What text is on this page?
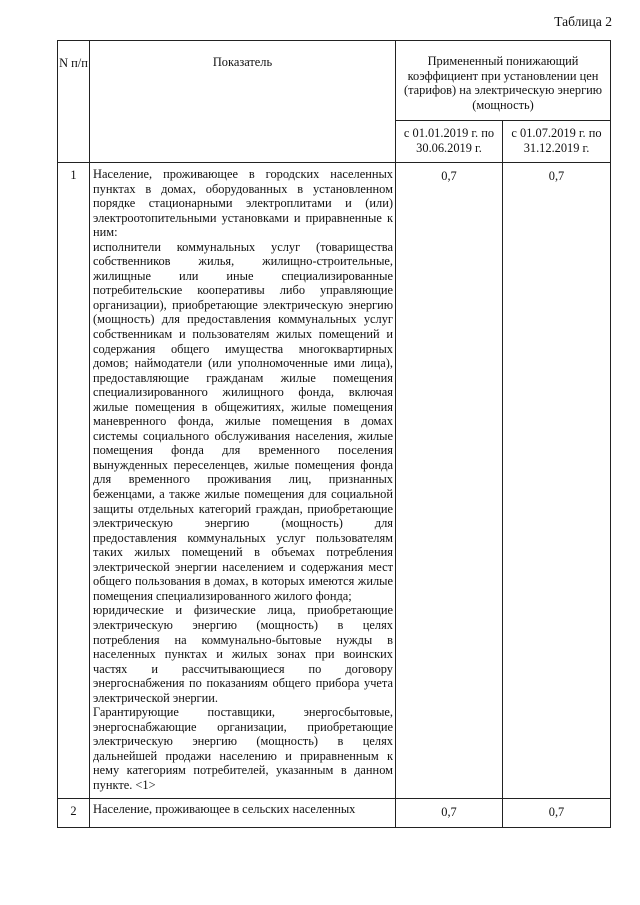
Таблица 2
N п/п	Показатель	Примененный понижающий коэффициент при установлении цен (тарифов) на электрическую энергию (мощность)	
		с 01.01.2019 г. по 30.06.2019 г.	с 01.07.2019 г. по 31.12.2019 г.
1	Население, проживающее в городских населенных пунктах в домах, оборудованных в установленном порядке стационарными электроплитами и (или) электроотопительными установками и приравненные к ним:

исполнители коммунальных услуг (товарищества собственников жилья, жилищно-строительные, жилищные или иные специализированные потребительские кооперативы либо управляющие организации), приобретающие электрическую энергию (мощность) для предоставления коммунальных услуг собственникам и пользователям жилых помещений и содержания общего имущества многоквартирных домов; наймодатели (или уполномоченные ими лица), предоставляющие гражданам жилые помещения специализированного жилищного фонда, включая жилые помещения в общежитиях, жилые помещения маневренного фонда, жилые помещения в домах системы социального обслуживания населения, жилые помещения фонда для временного поселения вынужденных переселенцев, жилые помещения фонда для временного проживания лиц, признанных беженцами, а также жилые помещения для социальной защиты отдельных категорий граждан, приобретающие электрическую энергию (мощность) для предоставления коммунальных услуг пользователям таких жилых помещений в объемах потребления электрической энергии населением и содержания мест общего пользования в домах, в которых имеются жилые помещения специализированного жилого фонда;

юридические и физические лица, приобретающие электрическую энергию (мощность) в целях потребления на коммунально-бытовые нужды в населенных пунктах и жилых зонах при воинских частях и рассчитывающиеся по договору энергоснабжения по показаниям общего прибора учета электрической энергии.

Гарантирующие поставщики, энергосбытовые, энергоснабжающие организации, приобретающие электрическую энергию (мощность) в целях дальнейшей продажи населению и приравненным к нему категориям потребителей, указанным в данном пункте. <1>	0,7	0,7
2	Население, проживающее в сельских населенных	0,7	0,7
